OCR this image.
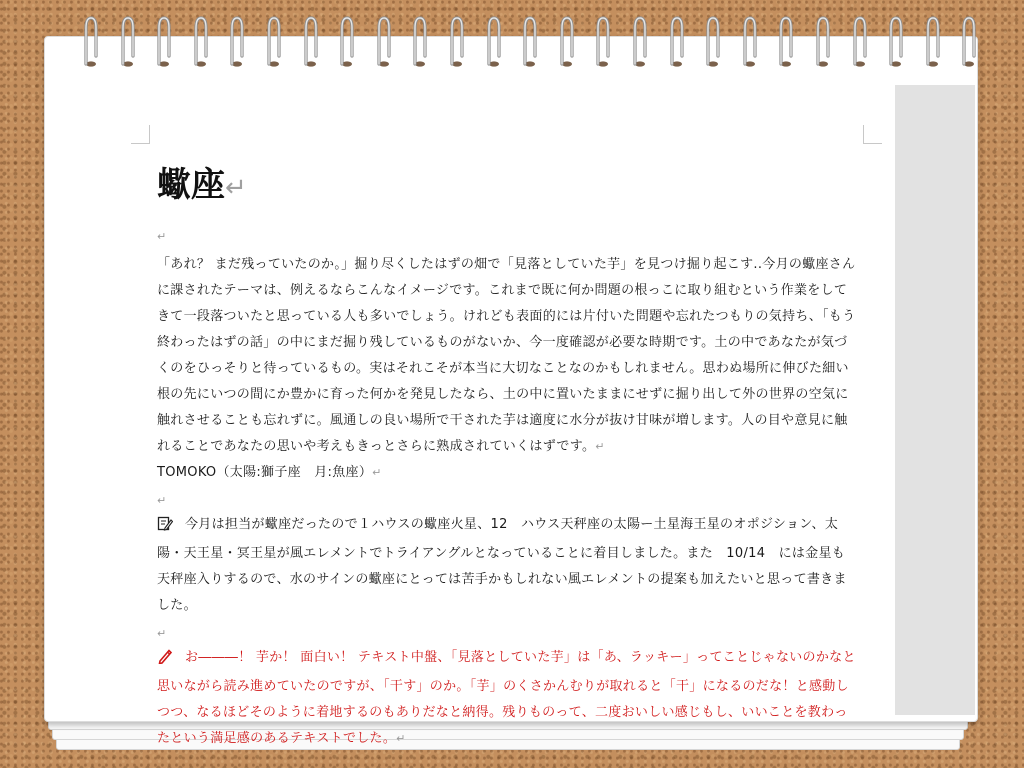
蠍座↵
↵

「あれ？ まだ残っていたのか。」掘り尽くしたはずの畑で「見落としていた芋」を見つけ掘り起こす..今月の蠍座さんに課されたテーマは、例えるならこんなイメージです。これまで既に何か問題の根っこに取り組むという作業をしてきて一段落ついたと思っている人も多いでしょう。けれども表面的には片付いた問題や忘れたつもりの気持ち、「もう終わったはずの話」の中にまだ掘り残しているものがないか、今一度確認が必要な時期です。土の中であなたが気づくのをひっそりと待っているもの。実はそれこそが本当に大切なことなのかもしれません。思わぬ場所に伸びた細い根の先にいつの間にか豊かに育った何かを発見したなら、土の中に置いたままにせずに掘り出して外の世界の空気に触れさせることも忘れずに。風通しの良い場所で干された芋は適度に水分が抜け甘味が増します。人の目や意見に触れることであなたの思いや考えもきっとさらに熟成されていくはずです。↵

TOMOKO（太陽:獅子座　月:魚座）↵

↵

今月は担当が蠍座だったので１ハウスの蠍座火星、12　ハウス天秤座の太陽ー土星海王星のオポジション、太陽・天王星・冥王星が風エレメントでトライアングルとなっていることに着目しました。また　10/14　には金星も天秤座入りするので、水のサインの蠍座にとっては苦手かもしれない風エレメントの提案も加えたいと思って書きました。

↵

お―――！ 芋か！ 面白い！ テキスト中盤、「見落としていた芋」は「あ、ラッキー」ってことじゃないのかなと思いながら読み進めていたのですが、「干す」のか。「芋」のくさかんむりが取れると「干」になるのだな！と感動しつつ、なるほどそのように着地するのもありだなと納得。残りものって、二度おいしい感じもし、いいことを教わったという満足感のあるテキストでした。↵
